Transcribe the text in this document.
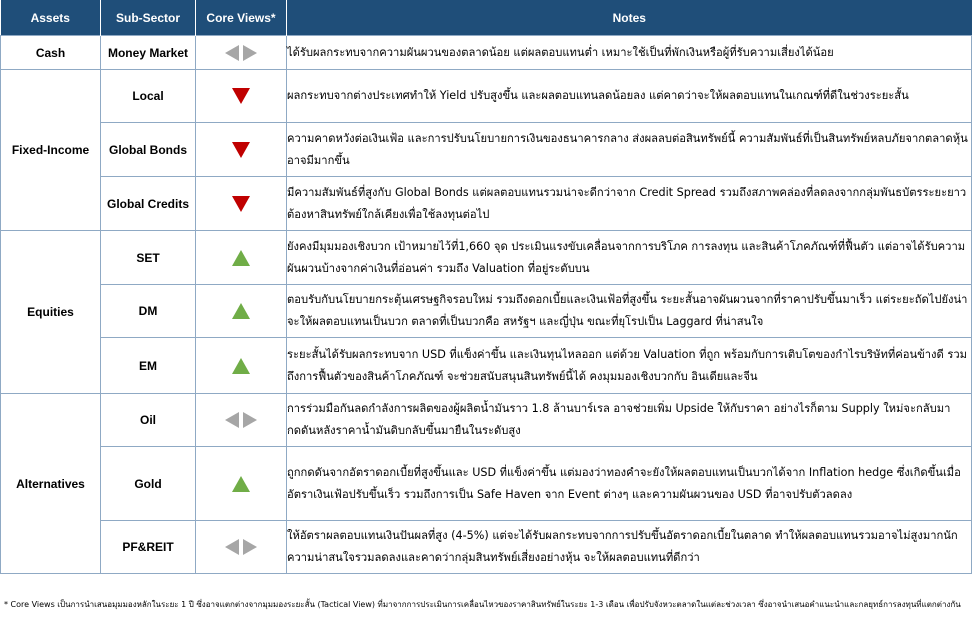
Assets	Sub-Sector	Core Views*	Notes
Cash	Money Market		ได้รับผลกระทบจากความผันผวนของตลาดน้อย แต่ผลตอบแทนต่ำ เหมาะใช้เป็นที่พักเงินหรือผู้ที่รับความเสี่ยงได้น้อย
Fixed-Income	Local		ผลกระทบจากต่างประเทศทำให้ Yield ปรับสูงขึ้น และผลตอบแทนลดน้อยลง แต่คาดว่าจะให้ผลตอบแทนในเกณฑ์ที่ดีในช่วงระยะสั้น
	Global Bonds		ความคาดหวังต่อเงินเฟ้อ และการปรับนโยบายการเงินของธนาคารกลาง ส่งผลลบต่อสินทรัพย์นี้ ความสัมพันธ์ที่เป็นสินทรัพย์หลบภัยจากตลาดหุ้นอาจมีมากขึ้น
	Global Credits		มีความสัมพันธ์ที่สูงกับ Global Bonds แต่ผลตอบแทนรวมน่าจะดีกว่าจาก Credit Spread รวมถึงสภาพคล่องที่ลดลงจากกลุ่มพันธบัตรระยะยาวต้องหาสินทรัพย์ใกล้เคียงเพื่อใช้ลงทุนต่อไป
Equities	SET		ยังคงมีมุมมองเชิงบวก เป้าหมายไว้ที่1,660 จุด ประเมินแรงขับเคลื่อนจากการบริโภค การลงทุน และสินค้าโภคภัณฑ์ที่ฟื้นตัว แต่อาจได้รับความผันผวนบ้างจากค่าเงินที่อ่อนค่า รวมถึง Valuation ที่อยู่ระดับบน
	DM		ตอบรับกับนโยบายกระตุ้นเศรษฐกิจรอบใหม่ รวมถึงดอกเบี้ยและเงินเฟ้อที่สูงขึ้น ระยะสั้นอาจผันผวนจากที่ราคาปรับขึ้นมาเร็ว แต่ระยะถัดไปยังน่าจะให้ผลตอบแทนเป็นบวก ตลาดที่เป็นบวกคือ สหรัฐฯ และญี่ปุ่น ขณะที่ยุโรปเป็น Laggard ที่น่าสนใจ
	EM		ระยะสั้นได้รับผลกระทบจาก USD ที่แข็งค่าขึ้น และเงินทุนไหลออก แต่ด้วย Valuation ที่ถูก พร้อมกับการเติบโตของกำไรบริษัทที่ค่อนข้างดี รวมถึงการฟื้นตัวของสินค้าโภคภัณฑ์ จะช่วยสนับสนุนสินทรัพย์นี้ได้ คงมุมมองเชิงบวกกับ อินเดียและจีน
Alternatives	Oil		การร่วมมือกันลดกำลังการผลิตของผู้ผลิตน้ำมันราว 1.8 ล้านบาร์เรล อาจช่วยเพิ่ม Upside ให้กับราคา อย่างไรก็ตาม Supply ใหม่จะกลับมากดดันหลังราคาน้ำมันดิบกลับขึ้นมายืนในระดับสูง
	Gold		ถูกกดดันจากอัตราดอกเบี้ยที่สูงขึ้นและ USD ที่แข็งค่าขึ้น แต่มองว่าทองคำจะยังให้ผลตอบแทนเป็นบวกได้จาก Inflation hedge ซึ่งเกิดขึ้นเมื่ออัตราเงินเฟ้อปรับขึ้นเร็ว รวมถึงการเป็น Safe Haven จาก Event ต่างๆ และความผันผวนของ USD ที่อาจปรับตัวลดลง
	PF&REIT		ให้อัตราผลตอบแทนเงินปันผลที่สูง (4-5%) แต่จะได้รับผลกระทบจากการปรับขึ้นอัตราดอกเบี้ยในตลาด ทำให้ผลตอบแทนรวมอาจไม่สูงมากนัก ความน่าสนใจรวมลดลงและคาดว่ากลุ่มสินทรัพย์เสี่ยงอย่างหุ้น จะให้ผลตอบแทนที่ดีกว่า
* Core Views เป็นการนำเสนอมุมมองหลักในระยะ 1 ปี ซึ่งอาจแตกต่างจากมุมมองระยะสั้น (Tactical View) ที่มาจากการประเมินการเคลื่อนไหวของราคาสินทรัพย์ในระยะ 1-3 เดือน เพื่อปรับจังหวะตลาดในแต่ละช่วงเวลา ซึ่งอาจนำเสนอคำแนะนำและกลยุทธ์การลงทุนที่แตกต่างกัน
